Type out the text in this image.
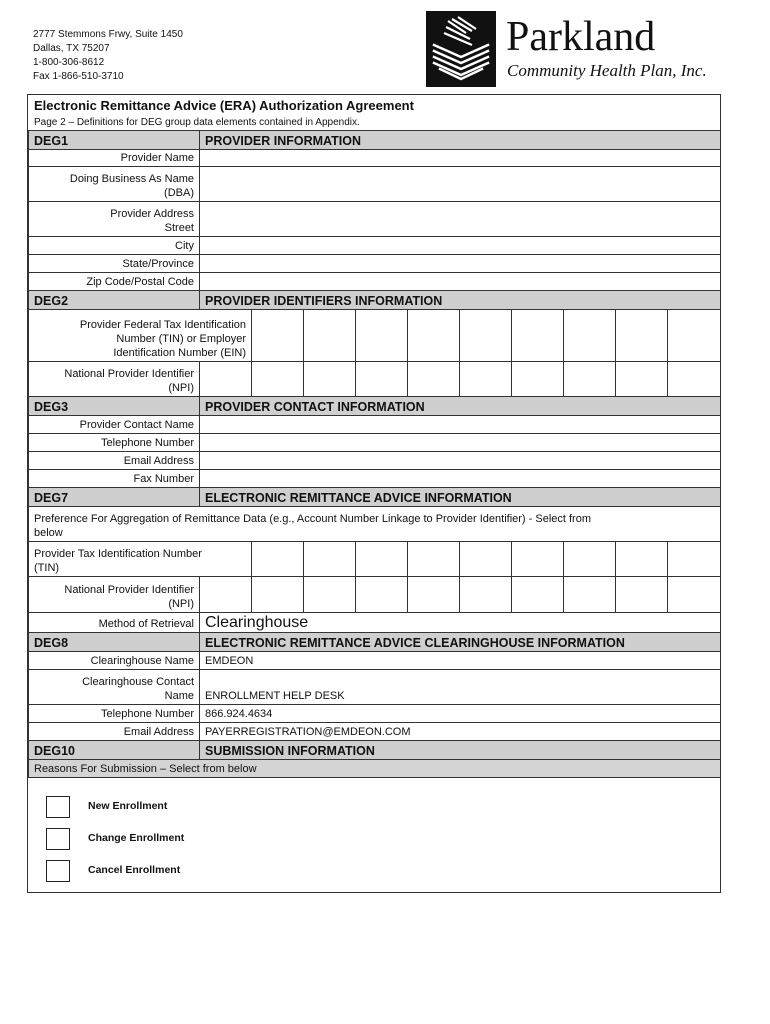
2777 Stemmons Frwy, Suite 1450
Dallas, TX 75207
1-800-306-8612
Fax 1-866-510-3710
Parkland
Community Health Plan, Inc.
Electronic Remittance Advice (ERA) Authorization Agreement
Page 2 – Definitions for DEG group data elements contained in Appendix.
DEG1	PROVIDER INFORMATION									
Provider Name										
Doing Business As Name
(DBA)										
Provider Address
Street										
City										
State/Province										
Zip Code/Postal Code										
DEG2	PROVIDER IDENTIFIERS INFORMATION									
Provider Federal Tax Identification
Number (TIN) or Employer
Identification Number (EIN)										
National Provider Identifier
(NPI)										
DEG3	PROVIDER CONTACT INFORMATION									
Provider Contact Name										
Telephone Number										
Email Address										
Fax Number										
DEG7	ELECTRONIC REMITTANCE ADVICE INFORMATION									
Preference For Aggregation of Remittance Data (e.g., Account Number Linkage to Provider Identifier) - Select from
below										
Provider Tax Identification Number
(TIN)										
National Provider Identifier
(NPI)										
Method of Retrieval	Clearinghouse									
DEG8	ELECTRONIC REMITTANCE ADVICE CLEARINGHOUSE INFORMATION									
Clearinghouse Name	EMDEON									
Clearinghouse Contact
Name	ENROLLMENT HELP DESK									
Telephone Number	866.924.4634									
Email Address	PAYERREGISTRATION@EMDEON.COM									
DEG10	SUBMISSION INFORMATION									
Reasons For Submission – Select from below										
New Enrollment
Change Enrollment
Cancel Enrollment
